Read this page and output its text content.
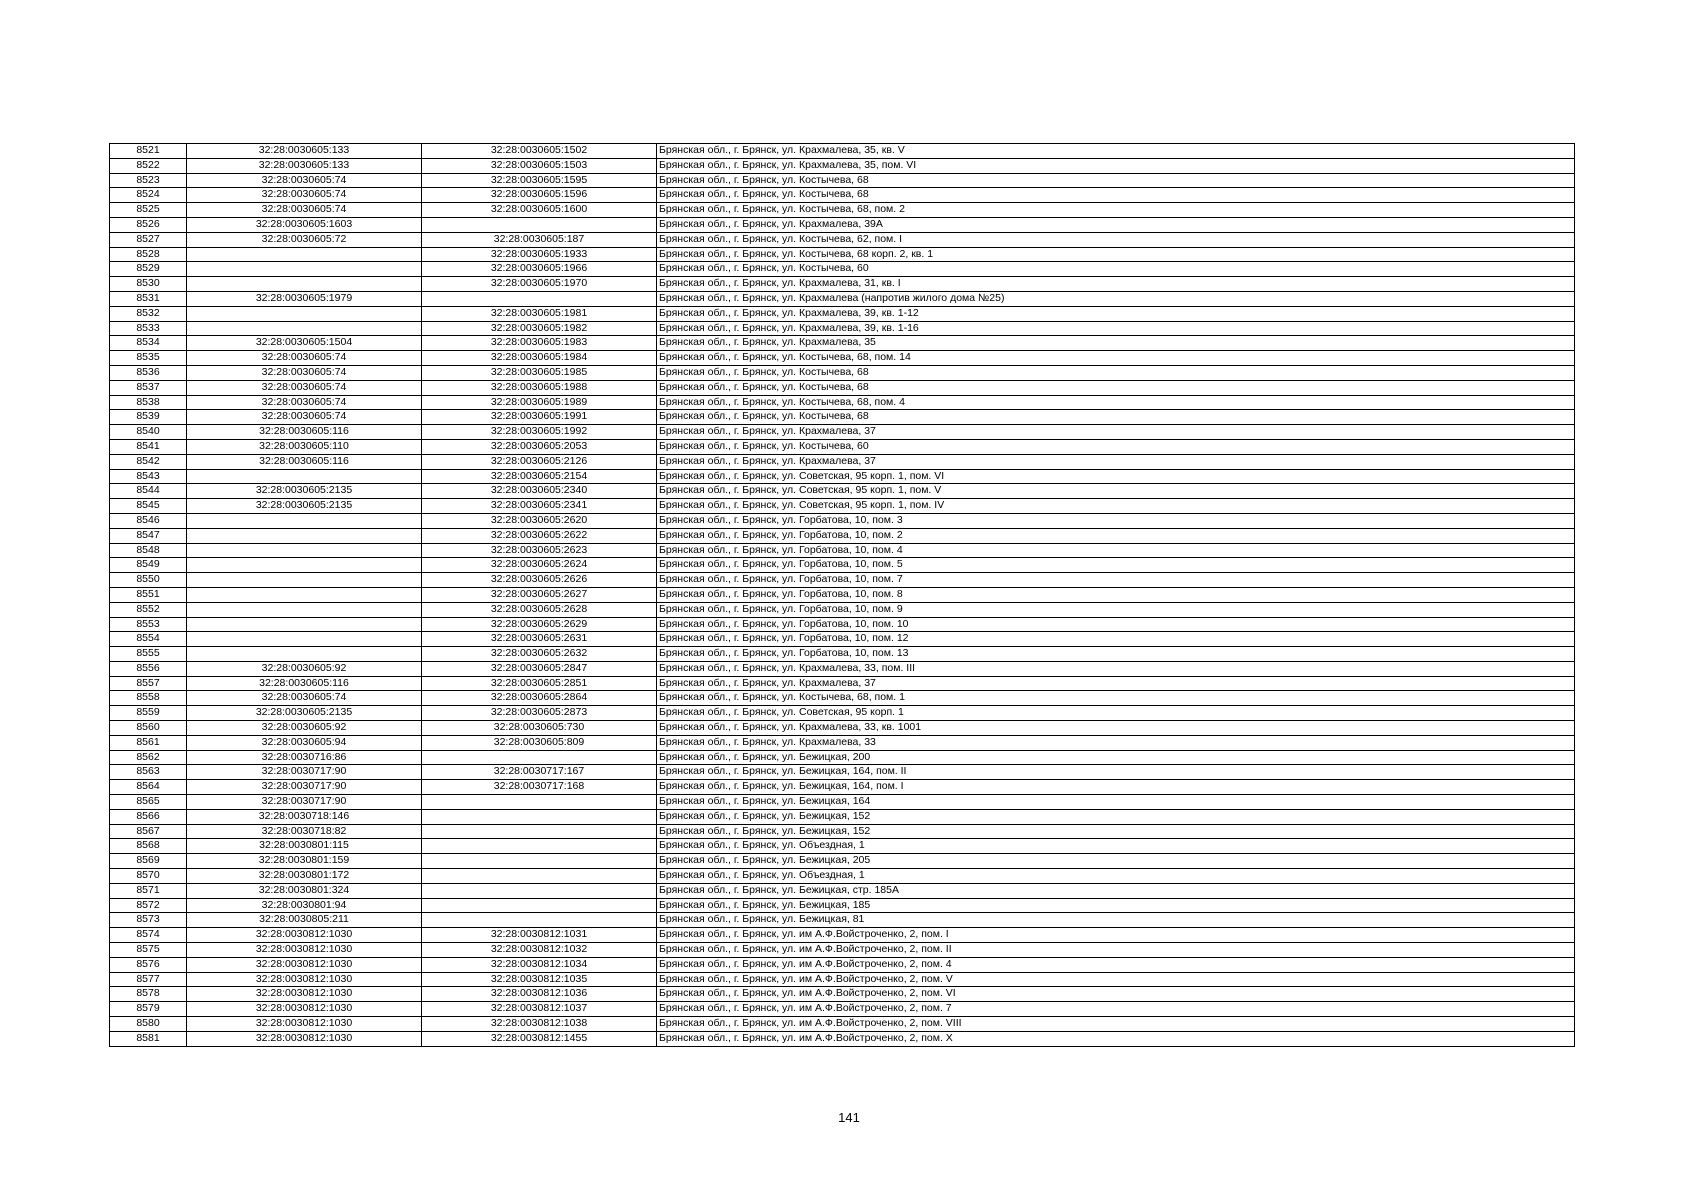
8521	32:28:0030605:133	32:28:0030605:1502	Брянская обл., г. Брянск, ул. Крахмалева, 35, кв. V
8522	32:28:0030605:133	32:28:0030605:1503	Брянская обл., г. Брянск, ул. Крахмалева, 35, пом. VI
8523	32:28:0030605:74	32:28:0030605:1595	Брянская обл., г. Брянск, ул. Костычева, 68
8524	32:28:0030605:74	32:28:0030605:1596	Брянская обл., г. Брянск, ул. Костычева, 68
8525	32:28:0030605:74	32:28:0030605:1600	Брянская обл., г. Брянск, ул. Костычева, 68, пом. 2
8526	32:28:0030605:1603		Брянская обл., г. Брянск, ул. Крахмалева, 39А
8527	32:28:0030605:72	32:28:0030605:187	Брянская обл., г. Брянск, ул. Костычева, 62, пом. I
8528		32:28:0030605:1933	Брянская обл., г. Брянск, ул. Костычева, 68 корп. 2, кв. 1
8529		32:28:0030605:1966	Брянская обл., г. Брянск, ул. Костычева, 60
8530		32:28:0030605:1970	Брянская обл., г. Брянск, ул. Крахмалева, 31, кв. I
8531	32:28:0030605:1979		Брянская обл., г. Брянск, ул. Крахмалева (напротив жилого дома №25)
8532		32:28:0030605:1981	Брянская обл., г. Брянск, ул. Крахмалева, 39, кв. 1-12
8533		32:28:0030605:1982	Брянская обл., г. Брянск, ул. Крахмалева, 39, кв. 1-16
8534	32:28:0030605:1504	32:28:0030605:1983	Брянская обл., г. Брянск, ул. Крахмалева, 35
8535	32:28:0030605:74	32:28:0030605:1984	Брянская обл., г. Брянск, ул. Костычева, 68, пом. 14
8536	32:28:0030605:74	32:28:0030605:1985	Брянская обл., г. Брянск, ул. Костычева, 68
8537	32:28:0030605:74	32:28:0030605:1988	Брянская обл., г. Брянск, ул. Костычева, 68
8538	32:28:0030605:74	32:28:0030605:1989	Брянская обл., г. Брянск, ул. Костычева, 68, пом. 4
8539	32:28:0030605:74	32:28:0030605:1991	Брянская обл., г. Брянск, ул. Костычева, 68
8540	32:28:0030605:116	32:28:0030605:1992	Брянская обл., г. Брянск, ул. Крахмалева, 37
8541	32:28:0030605:110	32:28:0030605:2053	Брянская обл., г. Брянск, ул. Костычева, 60
8542	32:28:0030605:116	32:28:0030605:2126	Брянская обл., г. Брянск, ул. Крахмалева, 37
8543		32:28:0030605:2154	Брянская обл., г. Брянск, ул. Советская, 95 корп. 1, пом. VI
8544	32:28:0030605:2135	32:28:0030605:2340	Брянская обл., г. Брянск, ул. Советская, 95 корп. 1, пом. V
8545	32:28:0030605:2135	32:28:0030605:2341	Брянская обл., г. Брянск, ул. Советская, 95 корп. 1, пом. IV
8546		32:28:0030605:2620	Брянская обл., г. Брянск, ул. Горбатова, 10, пом. 3
8547		32:28:0030605:2622	Брянская обл., г. Брянск, ул. Горбатова, 10, пом. 2
8548		32:28:0030605:2623	Брянская обл., г. Брянск, ул. Горбатова, 10, пом. 4
8549		32:28:0030605:2624	Брянская обл., г. Брянск, ул. Горбатова, 10, пом. 5
8550		32:28:0030605:2626	Брянская обл., г. Брянск, ул. Горбатова, 10, пом. 7
8551		32:28:0030605:2627	Брянская обл., г. Брянск, ул. Горбатова, 10, пом. 8
8552		32:28:0030605:2628	Брянская обл., г. Брянск, ул. Горбатова, 10, пом. 9
8553		32:28:0030605:2629	Брянская обл., г. Брянск, ул. Горбатова, 10, пом. 10
8554		32:28:0030605:2631	Брянская обл., г. Брянск, ул. Горбатова, 10, пом. 12
8555		32:28:0030605:2632	Брянская обл., г. Брянск, ул. Горбатова, 10, пом. 13
8556	32:28:0030605:92	32:28:0030605:2847	Брянская обл., г. Брянск, ул. Крахмалева, 33, пом. III
8557	32:28:0030605:116	32:28:0030605:2851	Брянская обл., г. Брянск, ул. Крахмалева, 37
8558	32:28:0030605:74	32:28:0030605:2864	Брянская обл., г. Брянск, ул. Костычева, 68, пом. 1
8559	32:28:0030605:2135	32:28:0030605:2873	Брянская обл., г. Брянск, ул. Советская, 95 корп. 1
8560	32:28:0030605:92	32:28:0030605:730	Брянская обл., г. Брянск, ул. Крахмалева, 33, кв. 1001
8561	32:28:0030605:94	32:28:0030605:809	Брянская обл., г. Брянск, ул. Крахмалева, 33
8562	32:28:0030716:86		Брянская обл., г. Брянск, ул. Бежицкая, 200
8563	32:28:0030717:90	32:28:0030717:167	Брянская обл., г. Брянск, ул. Бежицкая, 164, пом. II
8564	32:28:0030717:90	32:28:0030717:168	Брянская обл., г. Брянск, ул. Бежицкая, 164, пом. I
8565	32:28:0030717:90		Брянская обл., г. Брянск, ул. Бежицкая, 164
8566	32:28:0030718:146		Брянская обл., г. Брянск, ул. Бежицкая, 152
8567	32:28:0030718:82		Брянская обл., г. Брянск, ул. Бежицкая, 152
8568	32:28:0030801:115		Брянская обл., г. Брянск, ул. Объездная, 1
8569	32:28:0030801:159		Брянская обл., г. Брянск, ул. Бежицкая, 205
8570	32:28:0030801:172		Брянская обл., г. Брянск, ул. Объездная, 1
8571	32:28:0030801:324		Брянская обл., г. Брянск, ул. Бежицкая, стр. 185А
8572	32:28:0030801:94		Брянская обл., г. Брянск, ул. Бежицкая, 185
8573	32:28:0030805:211		Брянская обл., г. Брянск, ул. Бежицкая, 81
8574	32:28:0030812:1030	32:28:0030812:1031	Брянская обл., г. Брянск, ул. им А.Ф.Войстроченко, 2, пом. I
8575	32:28:0030812:1030	32:28:0030812:1032	Брянская обл., г. Брянск, ул. им А.Ф.Войстроченко, 2, пом. II
8576	32:28:0030812:1030	32:28:0030812:1034	Брянская обл., г. Брянск, ул. им А.Ф.Войстроченко, 2, пом. 4
8577	32:28:0030812:1030	32:28:0030812:1035	Брянская обл., г. Брянск, ул. им А.Ф.Войстроченко, 2, пом. V
8578	32:28:0030812:1030	32:28:0030812:1036	Брянская обл., г. Брянск, ул. им А.Ф.Войстроченко, 2, пом. VI
8579	32:28:0030812:1030	32:28:0030812:1037	Брянская обл., г. Брянск, ул. им А.Ф.Войстроченко, 2, пом. 7
8580	32:28:0030812:1030	32:28:0030812:1038	Брянская обл., г. Брянск, ул. им А.Ф.Войстроченко, 2, пом. VIII
8581	32:28:0030812:1030	32:28:0030812:1455	Брянская обл., г. Брянск, ул. им А.Ф.Войстроченко, 2, пом. X
141
